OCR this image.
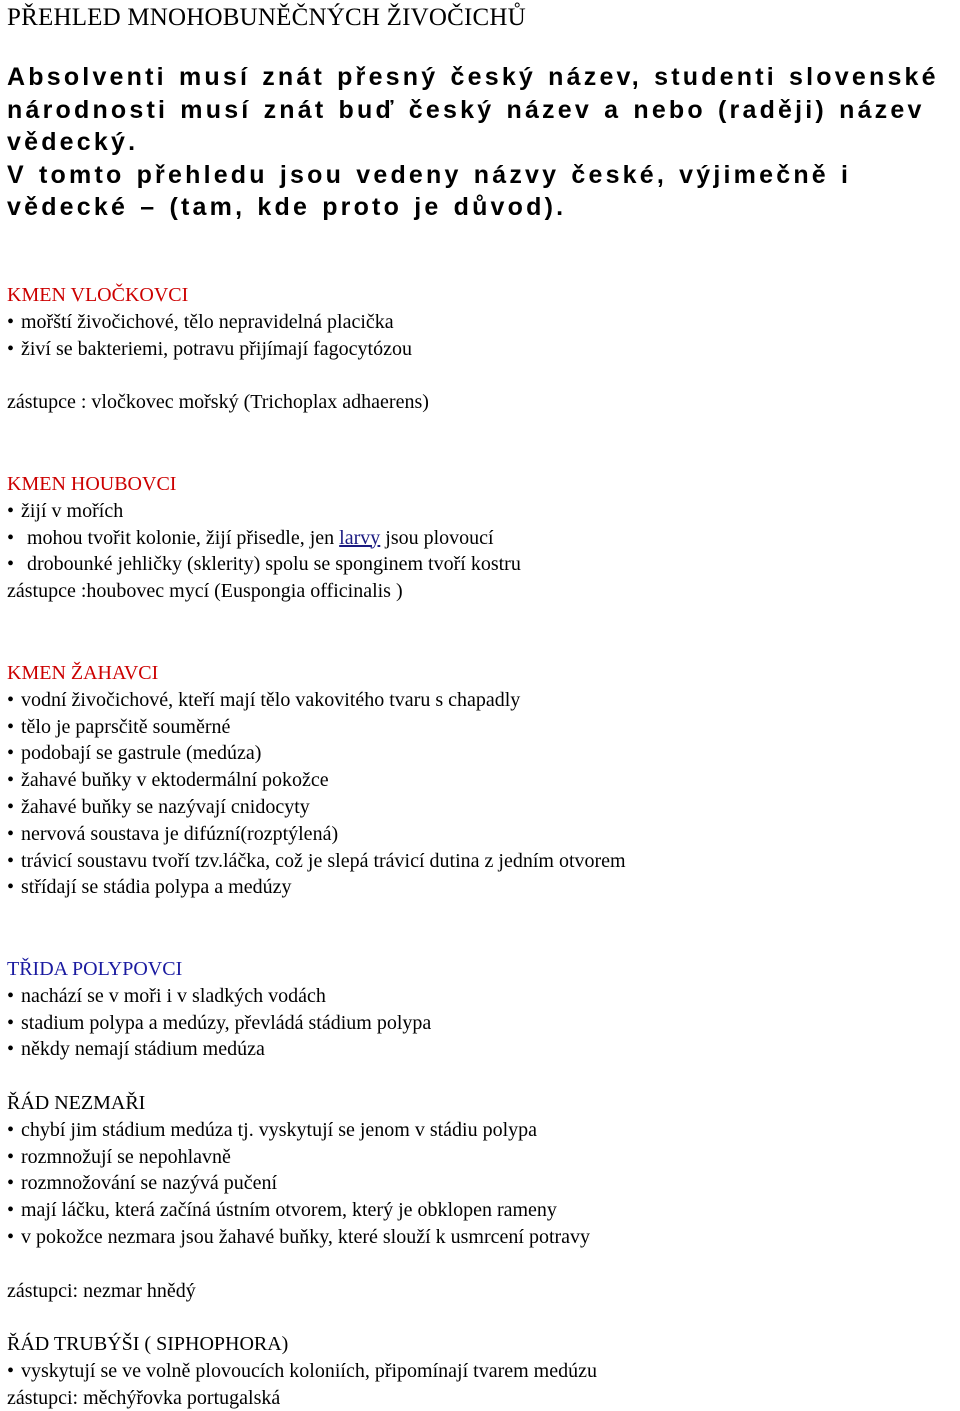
PŘEHLED MNOHOBUNĚČNÝCH ŽIVOČICHŮ

Absolventi musí znát přesný český název, studenti slovenské národnosti musí znát buď český název a nebo (raději) název vědecký.

V tomto přehledu jsou vedeny názvy české, výjimečně i vědecké – (tam, kde proto je důvod).

KMEN VLOČKOVCI

• mořští živočichové, tělo nepravidelná placička

• živí se bakteriemi, potravu přijímají fagocytózou

zástupce : vločkovec mořský (Trichoplax adhaerens)

KMEN HOUBOVCI

• žijí v mořích

• mohou tvořit kolonie, žijí přisedle, jen larvy jsou plovoucí

• drobounké jehličky (sklerity) spolu se sponginem tvoří kostru

zástupce :houbovec mycí (Euspongia officinalis )

KMEN ŽAHAVCI

• vodní živočichové, kteří mají tělo vakovitého tvaru s chapadly

• tělo je paprsčitě souměrné

• podobají se gastrule (medúza)

• žahavé buňky v ektodermální pokožce

• žahavé buňky se nazývají cnidocyty

• nervová soustava je difúzní(rozptýlená)

• trávicí soustavu tvoří tzv.láčka, což je slepá trávicí dutina z jedním otvorem

• střídají se stádia polypa a medúzy

TŘIDA POLYPOVCI

• nachází se v moři i v sladkých vodách

• stadium polypa a medúzy, převládá stádium polypa

• někdy nemají stádium medúza

ŘÁD NEZMAŘI

• chybí jim stádium medúza tj. vyskytují se jenom v stádiu polypa

• rozmnožují se nepohlavně

• rozmnožování se nazývá pučení

• mají láčku, která začíná ústním otvorem, který je obklopen rameny

• v pokožce nezmara jsou žahavé buňky, které slouží k usmrcení potravy

zástupci: nezmar hnědý

ŘÁD TRUBÝŠI ( SIPHOPHORA)

• vyskytují se ve volně plovoucích koloniích, připomínají tvarem medúzu

zástupci: měchýřovka portugalská
